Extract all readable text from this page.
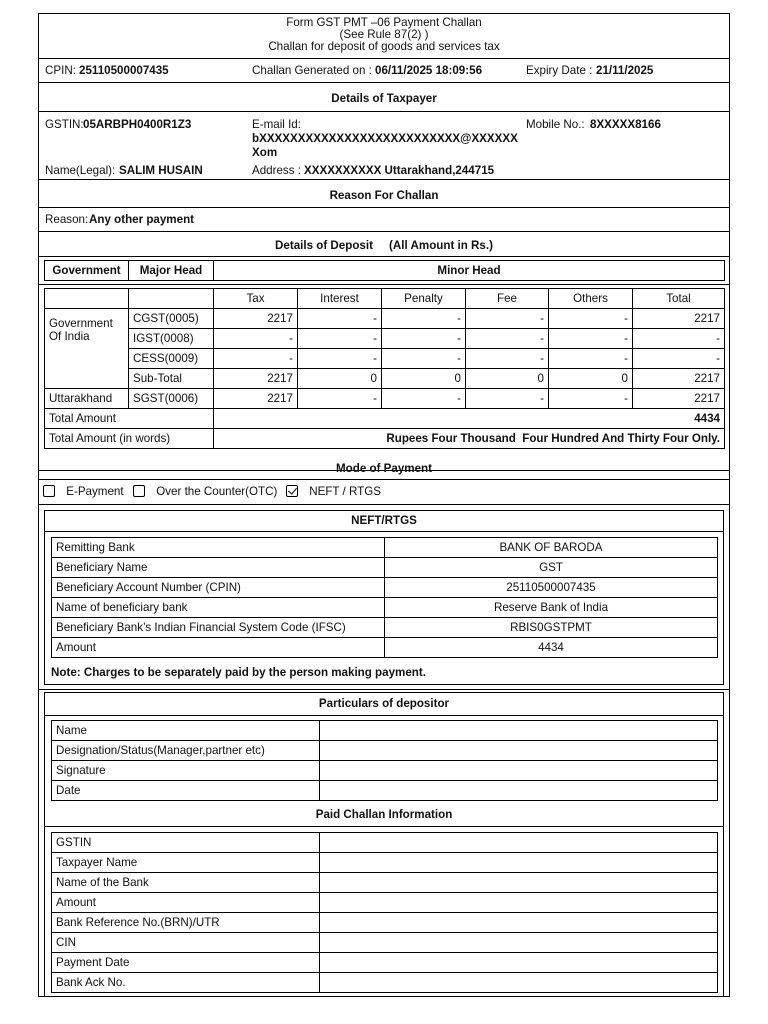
Form GST PMT –06 Payment Challan
(See Rule 87(2) )
Challan for deposit of goods and services tax
CPIN: 25110500007435	Challan Generated on : 06/11/2025 18:09:56	Expiry Date : 21/11/2025
Details of Taxpayer
GSTIN: 05ARBPH0400R1Z3	E-mail Id:
bXXXXXXXXXXXXXXXXXXXXXXXXXX@XXXXXX
Xom
Mobile No.: 8XXXXX8166
Name(Legal): SALIM HUSAIN	Address : XXXXXXXXXX Uttarakhand,244715
Reason For Challan
Reason: Any other payment
Details of Deposit     (All Amount in Rs.)
Government	Major Head	Minor Head
		Tax	Interest	Penalty	Fee	Others	Total
Government Of India	CGST(0005)	2217	-	-	-	-	2217
	IGST(0008)	-	-	-	-	-	-
	CESS(0009)	-	-	-	-	-	-
	Sub-Total	2217	0	0	0	0	2217
Uttarakhand	SGST(0006)	2217	-	-	-	-	2217
Total Amount		4434					
Total Amount (in words)		Rupees Four Thousand  Four Hundred And Thirty Four Only.					
Mode of Payment
E-Payment	Over the Counter(OTC)	NEFT / RTGS
NEFT/RTGS
Remitting Bank	BANK OF BARODA
Beneficiary Name	GST
Beneficiary Account Number (CPIN)	25110500007435
Name of beneficiary bank	Reserve Bank of India
Beneficiary Bank’s Indian Financial System Code (IFSC)	RBIS0GSTPMT
Amount	4434
Note: Charges to be separately paid by the person making payment.
Particulars of depositor
Name	
Designation/Status(Manager,partner etc)	
Signature	
Date	
Paid Challan Information
GSTIN	
Taxpayer Name	
Name of the Bank	
Amount	
Bank Reference No.(BRN)/UTR	
CIN	
Payment Date	
Bank Ack No.	
